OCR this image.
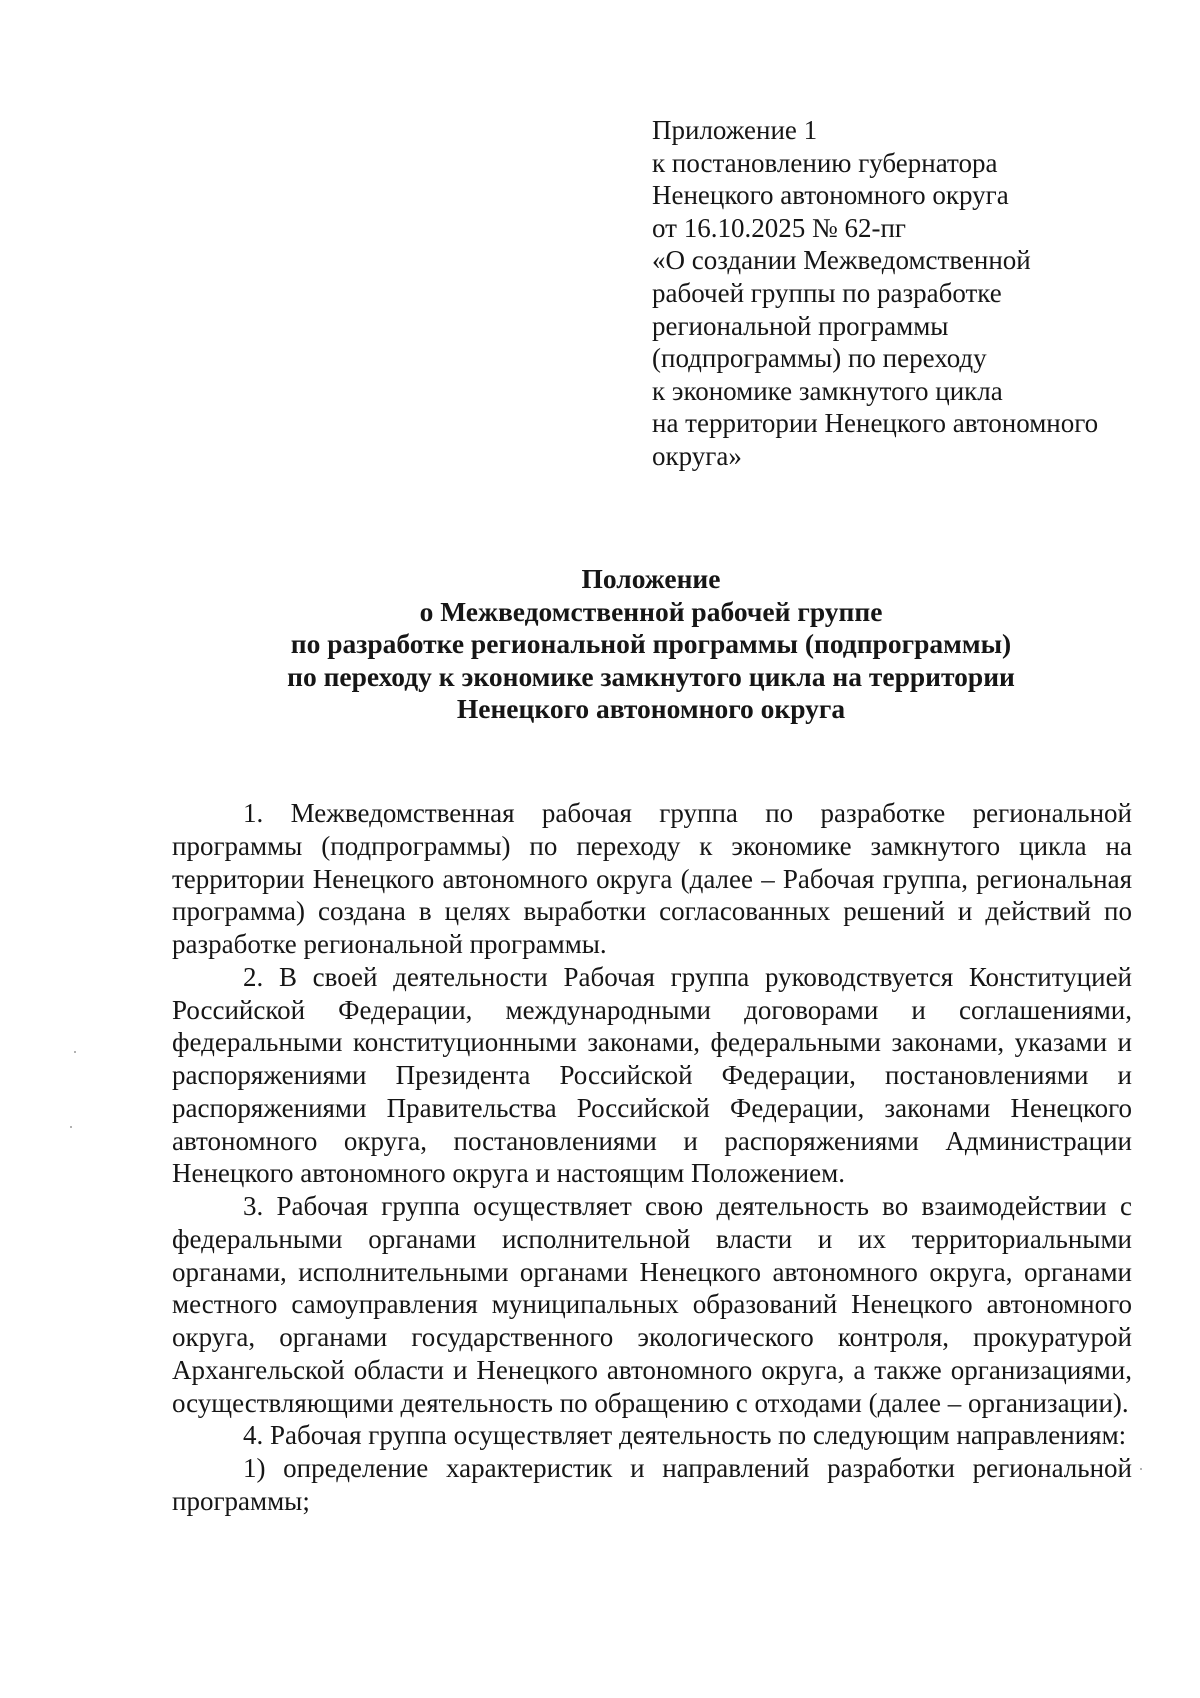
Приложение 1
к постановлению губернатора
Ненецкого автономного округа
от 16.10.2025 № 62-пг
«О создании Межведомственной
рабочей группы по разработке
региональной программы
(подпрограммы) по переходу
к экономике замкнутого цикла
на территории Ненецкого автономного
округа»
Положение
о Межведомственной рабочей группе
по разработке региональной программы (подпрограммы)
по переходу к экономике замкнутого цикла на территории
Ненецкого автономного округа

1. Межведомственная рабочая группа по разработке региональной программы (подпрограммы) по переходу к экономике замкнутого цикла на территории Ненецкого автономного округа (далее – Рабочая группа, региональная программа) создана в целях выработки согласованных решений и действий по разработке региональной программы.

2. В своей деятельности Рабочая группа руководствуется Конституцией Российской Федерации, международными договорами и соглашениями, федеральными конституционными законами, федеральными законами, указами и распоряжениями Президента Российской Федерации, постановлениями и распоряжениями Правительства Российской Федерации, законами Ненецкого автономного округа, постановлениями и распоряжениями Администрации Ненецкого автономного округа и настоящим Положением.

3. Рабочая группа осуществляет свою деятельность во взаимодействии с федеральными органами исполнительной власти и их территориальными органами, исполнительными органами Ненецкого автономного округа, органами местного самоуправления муниципальных образований Ненецкого автономного округа, органами государственного экологического контроля, прокуратурой Архангельской области и Ненецкого автономного округа, а также организациями, осуществляющими деятельность по обращению с отходами (далее – организации).

4. Рабочая группа осуществляет деятельность по следующим направлениям:

1) определение характеристик и направлений разработки региональной программы;
